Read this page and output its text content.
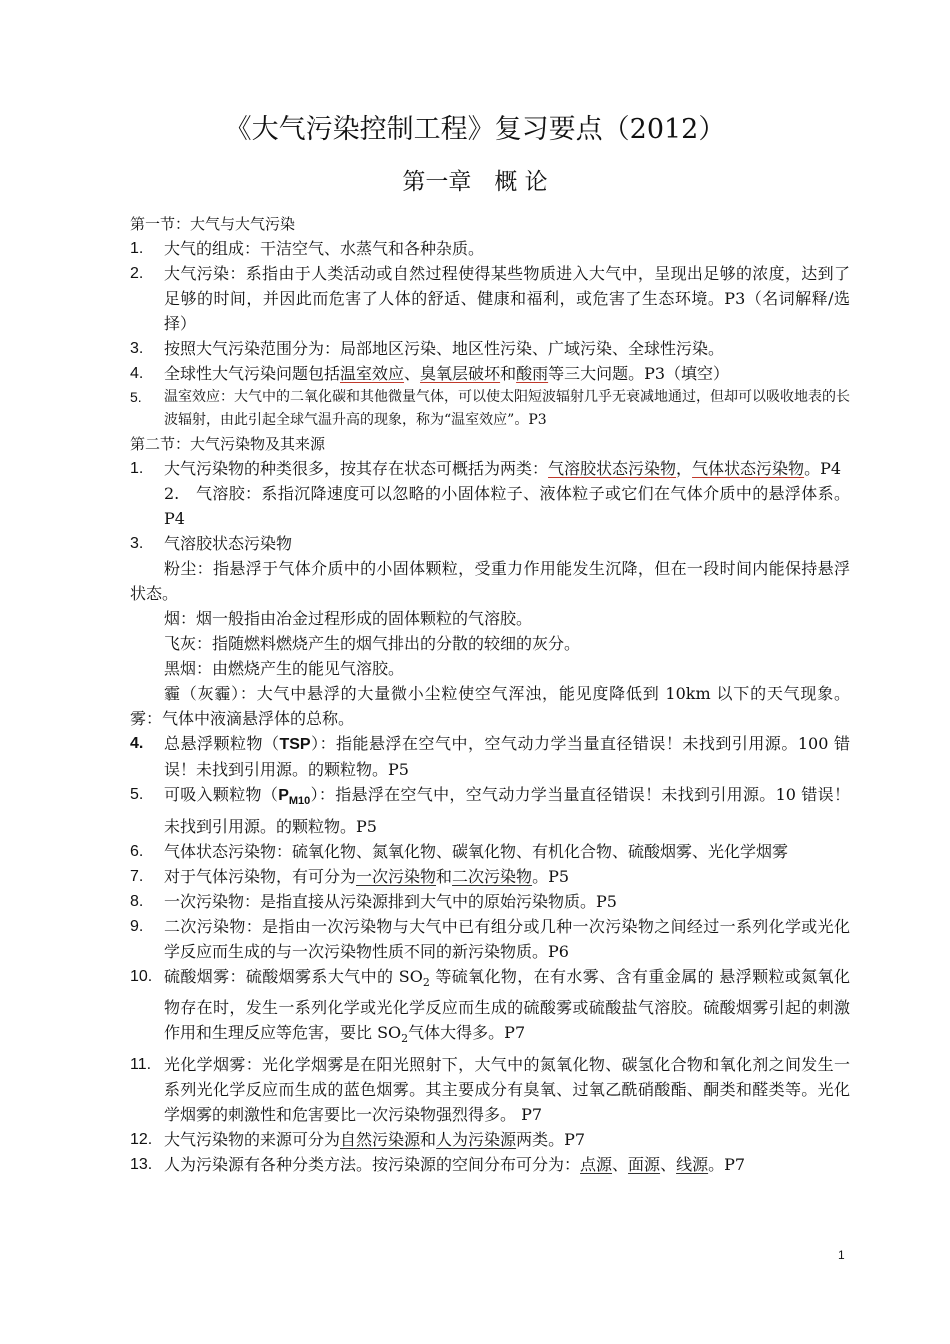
《大气污染控制工程》复习要点（2012）
第一章　概 论
第一节：大气与大气污染
1. 大气的组成：干洁空气、水蒸气和各种杂质。
2. 大气污染：系指由于人类活动或自然过程使得某些物质进入大气中，呈现出足够的浓度，达到了足够的时间，并因此而危害了人体的舒适、健康和福利，或危害了生态环境。P3（名词解释/选择）
3. 按照大气污染范围分为：局部地区污染、地区性污染、广域污染、全球性污染。
4. 全球性大气污染问题包括温室效应、臭氧层破坏和酸雨等三大问题。P3（填空）
5. 温室效应：大气中的二氧化碳和其他微量气体，可以使太阳短波辐射几乎无衰减地通过，但却可以吸收地表的长波辐射，由此引起全球气温升高的现象，称为“温室效应”。P3
第二节：大气污染物及其来源
1. 大气污染物的种类很多，按其存在状态可概括为两类：气溶胶状态污染物，气体状态污染物。P4
2.　气溶胶：系指沉降速度可以忽略的小固体粒子、液体粒子或它们在气体介质中的悬浮体系。P4
3. 气溶胶状态污染物
粉尘：指悬浮于气体介质中的小固体颗粒，受重力作用能发生沉降，但在一段时间内能保持悬浮状态。
烟：烟一般指由冶金过程形成的固体颗粒的气溶胶。
飞灰：指随燃料燃烧产生的烟气排出的分散的较细的灰分。
黑烟：由燃烧产生的能见气溶胶。
霾（灰霾）：大气中悬浮的大量微小尘粒使空气浑浊，能见度降低到 10km 以下的天气现象。雾：气体中液滴悬浮体的总称。
4. 总悬浮颗粒物（TSP）：指能悬浮在空气中，空气动力学当量直径错误！未找到引用源。100 错误！未找到引用源。的颗粒物。P5
5. 可吸入颗粒物$(P_{M10})$：指悬浮在空气中，空气动力学当量直径错误！未找到引用源。10 错误！未找到引用源。的颗粒物。P5
6. 气体状态污染物：硫氧化物、氮氧化物、碳氧化物、有机化合物、硫酸烟雾、光化学烟雾
7. 对于气体污染物，有可分为一次污染物和二次污染物。P5
8. 一次污染物：是指直接从污染源排到大气中的原始污染物质。P5
9. 二次污染物：是指由一次污染物与大气中已有组分或几种一次污染物之间经过一系列化学或光化学反应而生成的与一次污染物性质不同的新污染物质。P6
10. 硫酸烟雾：硫酸烟雾系大气中的 $SO_2$ 等硫氧化物，在有水雾、含有重金属的 悬浮颗粒或氮氧化物存在时，发生一系列化学或光化学反应而生成的硫酸雾或硫酸盐气溶胶。硫酸烟雾引起的刺激作用和生理反应等危害，要比 $SO_2$气体大得多。P7
11. 光化学烟雾：光化学烟雾是在阳光照射下，大气中的氮氧化物、碳氢化合物和氧化剂之间发生一系列光化学反应而生成的蓝色烟雾。其主要成分有臭氧、过氧乙酰硝酸酯、酮类和醛类等。光化学烟雾的刺激性和危害要比一次污染物强烈得多。 P7
12. 大气污染物的来源可分为自然污染源和人为污染源两类。P7
13. 人为污染源有各种分类方法。按污染源的空间分布可分为：点源、面源、线源。P7
1
